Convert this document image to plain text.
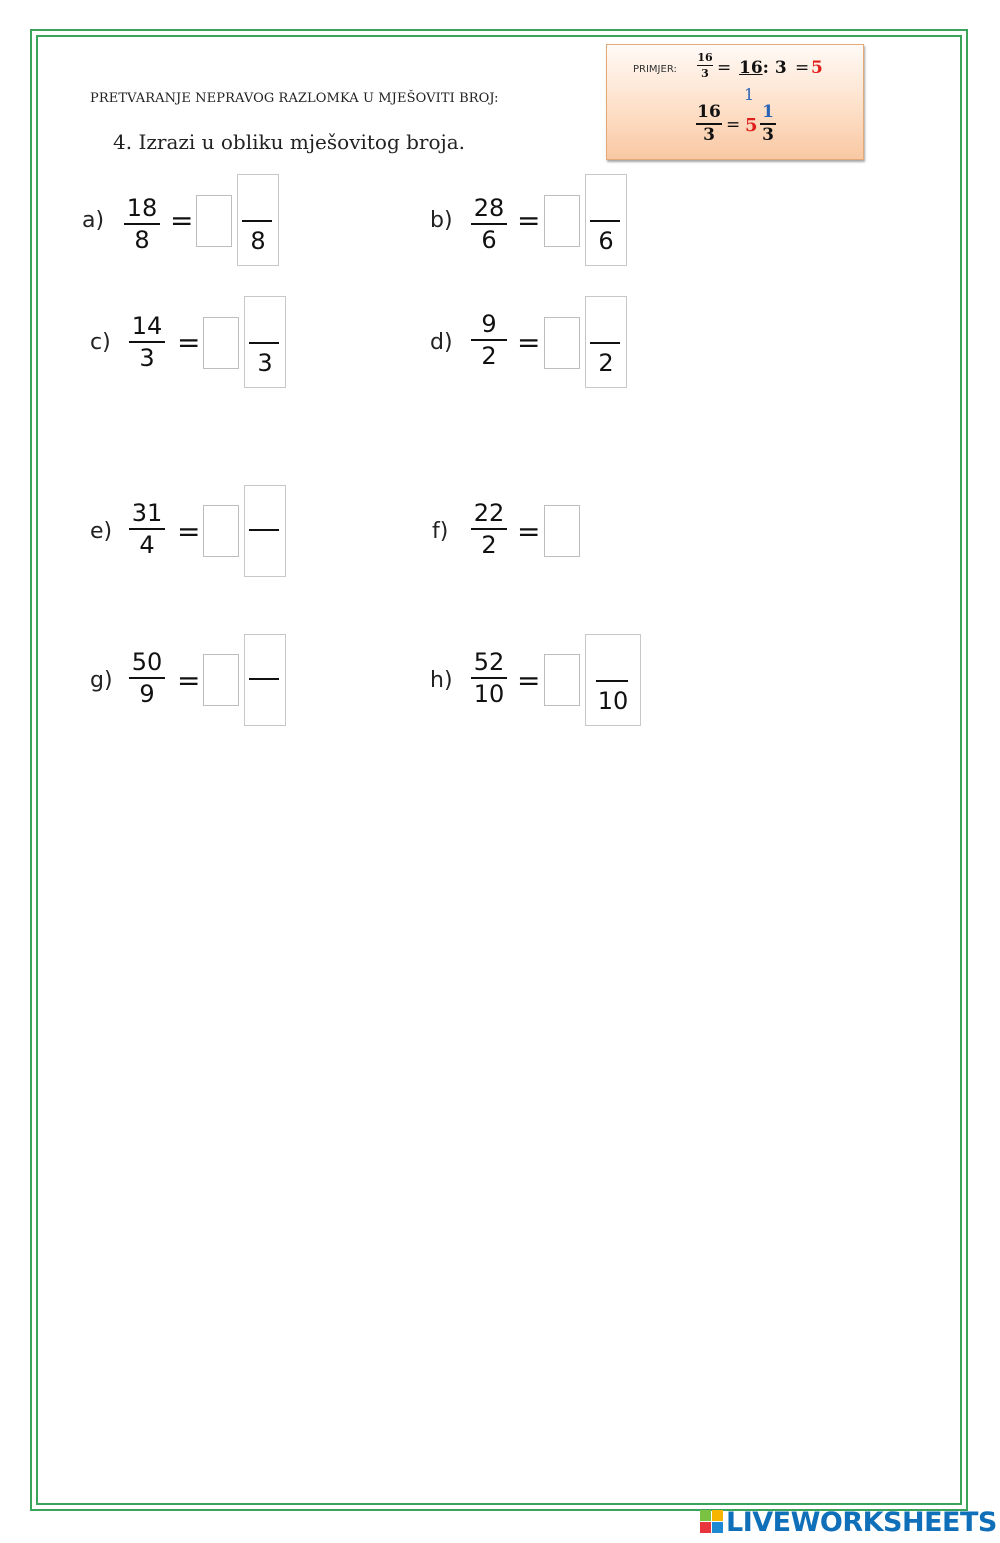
PRETVARANJE NEPRAVOG RAZLOMKA U MJEŠOVITI BROJ:
4. Izrazi u obliku mješovitog broja.
PRIMJER:
16
3 = 16: 3 = 5
1
16
3 = 5
1
3
a) 18
8
=
8
b) 28
6
=
6
c)
14
3 =
3
d)
9
2 =
2
e)
31
4 =	f)
22
2 =
g)
50
9 =	h)
52
10 =
10
LIVEWORKSHEETS
